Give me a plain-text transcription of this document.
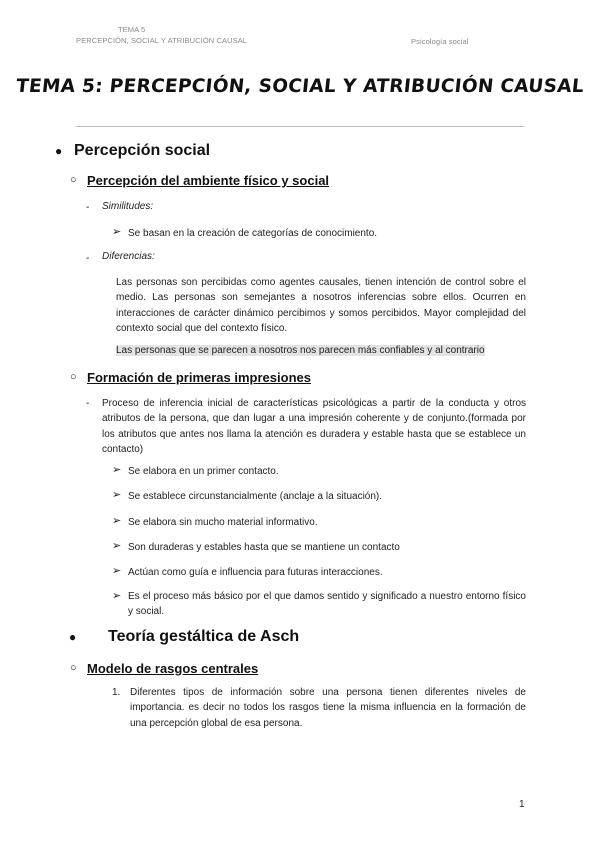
TEMA 5
PERCEPCIÓN, SOCIAL Y ATRIBUCIÓN CAUSAL	Psicología social
TEMA 5: PERCEPCIÓN, SOCIAL Y ATRIBUCIÓN CAUSAL
● Percepción social
○ Percepción del ambiente físico y social
- Similitudes:
➢ Se basan en la creación de categorías de conocimiento.
- Diferencias:
Las personas son percibidas como agentes causales, tienen intención de control sobre el medio. Las personas son semejantes a nosotros inferencias sobre ellos. Ocurren en interacciones de carácter dinámico percibimos y somos percibidos. Mayor complejidad del contexto social que del contexto físico.
Las personas que se parecen a nosotros nos parecen más confiables y al contrario
○ Formación de primeras impresiones
- Proceso de inferencia inicial de características psicológicas a partir de la conducta y otros atributos de la persona, que dan lugar a una impresión coherente y de conjunto.(formada por los atributos que antes nos llama la atención es duradera y estable hasta que se establece un contacto)
➢ Se elabora en un primer contacto.
➢ Se establece circunstancialmente (anclaje a la situación).
➢ Se elabora sin mucho material informativo.
➢ Son duraderas y estables hasta que se mantiene un contacto
➢ Actúan como guía e influencia para futuras interacciones.
➢ Es el proceso más básico por el que damos sentido y significado a nuestro entorno físico y social.
● Teoría gestáltica de Asch
○ Modelo de rasgos centrales
1. Diferentes tipos de información sobre una persona tienen diferentes niveles de importancia. es decir no todos los rasgos tiene la misma influencia en la formación de una percepción global de esa persona.
1
